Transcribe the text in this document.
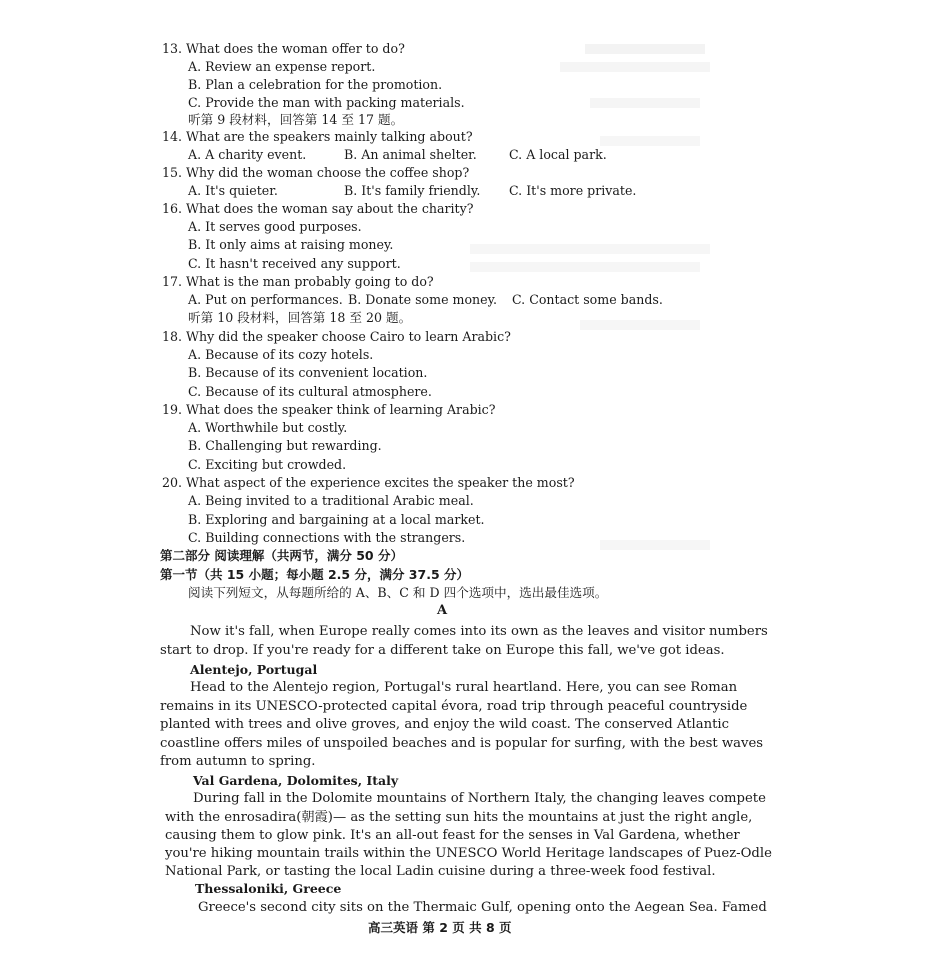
13. What does the woman offer to do?
A. Review an expense report.
B. Plan a celebration for the promotion.
C. Provide the man with packing materials.
听第 9 段材料，回答第 14 至 17 题。
14. What are the speakers mainly talking about?
A. A charity event.	B. An animal shelter.	C. A local park.
15. Why did the woman choose the coffee shop?
A. It's quieter.	B. It's family friendly. C. It's more private.
16. What does the woman say about the charity?
A. It serves good purposes.
B. It only aims at raising money.
C. It hasn't received any support.
17. What is the man probably going to do?
A. Put on performances. B. Donate some money. C. Contact some bands.
听第 10 段材料，回答第 18 至 20 题。
18. Why did the speaker choose Cairo to learn Arabic?
A. Because of its cozy hotels.
B. Because of its convenient location.
C. Because of its cultural atmosphere.
19. What does the speaker think of learning Arabic?
A. Worthwhile but costly.
B. Challenging but rewarding.
C. Exciting but crowded.
20. What aspect of the experience excites the speaker the most?
A. Being invited to a traditional Arabic meal.
B. Exploring and bargaining at a local market.
C. Building connections with the strangers.
第二部分 阅读理解（共两节，满分 50 分）
第一节（共 15 小题；每小题 2.5 分，满分 37.5 分）
阅读下列短文，从每题所给的 A、B、C 和 D 四个选项中，选出最佳选项。
A
Now it's fall, when Europe really comes into its own as the leaves and visitor numbers
start to drop. If you're ready for a different take on Europe this fall, we've got ideas.
Alentejo, Portugal
Head to the Alentejo region, Portugal's rural heartland. Here, you can see Roman
remains in its UNESCO-protected capital évora, road trip through peaceful countryside
planted with trees and olive groves, and enjoy the wild coast. The conserved Atlantic
coastline offers miles of unspoiled beaches and is popular for surfing, with the best waves
from autumn to spring.
Val Gardena, Dolomites, Italy
During fall in the Dolomite mountains of Northern Italy, the changing leaves compete
with the enrosadira(朝霞)— as the setting sun hits the mountains at just the right angle,
causing them to glow pink. It's an all-out feast for the senses in Val Gardena, whether
you're hiking mountain trails within the UNESCO World Heritage landscapes of Puez-Odle
National Park, or tasting the local Ladin cuisine during a three-week food festival.
Thessaloniki, Greece
Greece's second city sits on the Thermaic Gulf, opening onto the Aegean Sea. Famed
高三英语 第 2 页 共 8 页
